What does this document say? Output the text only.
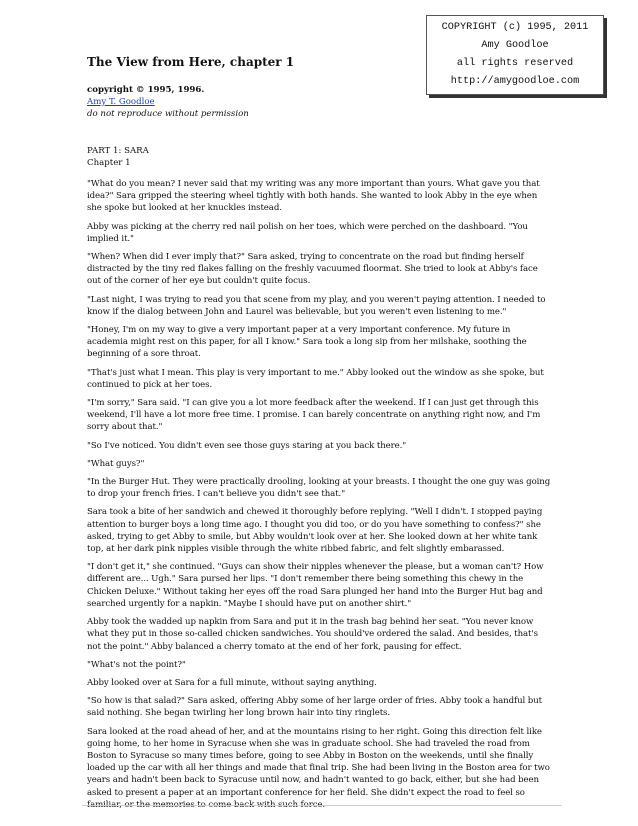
COPYRIGHT (c) 1995, 2011
Amy Goodloe
all rights reserved
http://amygoodloe.com
The View from Here, chapter 1
copyright © 1995, 1996.
Amy T. Goodloe
do not reproduce without permission
PART 1: SARA
Chapter 1

"What do you mean? I never said that my writing was any more important than yours. What gave you that idea?" Sara gripped the steering wheel tightly with both hands. She wanted to look Abby in the eye when she spoke but looked at her knuckles instead.

Abby was picking at the cherry red nail polish on her toes, which were perched on the dashboard. "You implied it."

"When? When did I ever imply that?" Sara asked, trying to concentrate on the road but finding herself distracted by the tiny red flakes falling on the freshly vacuumed floormat. She tried to look at Abby's face out of the corner of her eye but couldn't quite focus.

"Last night, I was trying to read you that scene from my play, and you weren't paying attention. I needed to know if the dialog between John and Laurel was believable, but you weren't even listening to me."

"Honey, I'm on my way to give a very important paper at a very important conference. My future in academia might rest on this paper, for all I know." Sara took a long sip from her milshake, soothing the beginning of a sore throat.

"That's just what I mean. This play is very important to me." Abby looked out the window as she spoke, but continued to pick at her toes.

"I'm sorry," Sara said. "I can give you a lot more feedback after the weekend. If I can just get through this weekend, I'll have a lot more free time. I promise. I can barely concentrate on anything right now, and I'm sorry about that."

"So I've noticed. You didn't even see those guys staring at you back there."

"What guys?"

"In the Burger Hut. They were practically drooling, looking at your breasts. I thought the one guy was going to drop your french fries. I can't believe you didn't see that."

Sara took a bite of her sandwich and chewed it thoroughly before replying. "Well I didn't. I stopped paying attention to burger boys a long time ago. I thought you did too, or do you have something to confess?" she asked, trying to get Abby to smile, but Abby wouldn't look over at her. She looked down at her white tank top, at her dark pink nipples visible through the white ribbed fabric, and felt slightly embarassed.

"I don't get it," she continued. "Guys can show their nipples whenever the please, but a woman can't? How different are... Ugh." Sara pursed her lips. "I don't remember there being something this chewy in the Chicken Deluxe." Without taking her eyes off the road Sara plunged her hand into the Burger Hut bag and searched urgently for a napkin. "Maybe I should have put on another shirt."

Abby took the wadded up napkin from Sara and put it in the trash bag behind her seat. "You never know what they put in those so-called chicken sandwiches. You should've ordered the salad. And besides, that's not the point." Abby balanced a cherry tomato at the end of her fork, pausing for effect.

"What's not the point?"

Abby looked over at Sara for a full minute, without saying anything.

"So how is that salad?" Sara asked, offering Abby some of her large order of fries. Abby took a handful but said nothing. She began twirling her long brown hair into tiny ringlets.

Sara looked at the road ahead of her, and at the mountains rising to her right. Going this direction felt like going home, to her home in Syracuse when she was in graduate school. She had traveled the road from Boston to Syracuse so many times before, going to see Abby in Boston on the weekends, until she finally loaded up the car with all her things and made that final trip. She had been living in the Boston area for two years and hadn't been back to Syracuse until now, and hadn't wanted to go back, either, but she had been asked to present a paper at an important conference for her field. She didn't expect the road to feel so familiar, or the memories to come back with such force.
